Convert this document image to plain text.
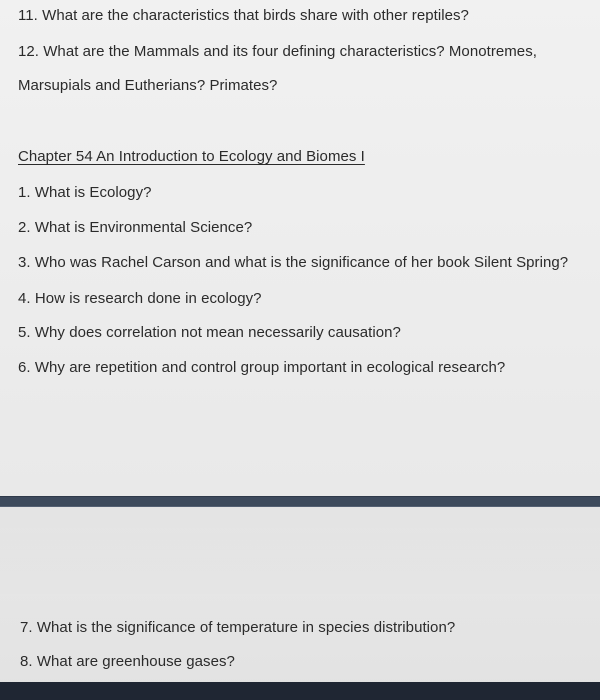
11. What are the characteristics that birds share with other reptiles?
12. What are the Mammals and its four defining characteristics? Monotremes,
Marsupials and Eutherians? Primates?
Chapter 54 An Introduction to Ecology and Biomes I
1. What is Ecology?
2. What is Environmental Science?
3. Who was Rachel Carson and what is the significance of her book Silent Spring?
4. How is research done in ecology?
5. Why does correlation not mean necessarily causation?
6. Why are repetition and control group important in ecological research?
7. What is the significance of temperature in species distribution?
8. What are greenhouse gases?
